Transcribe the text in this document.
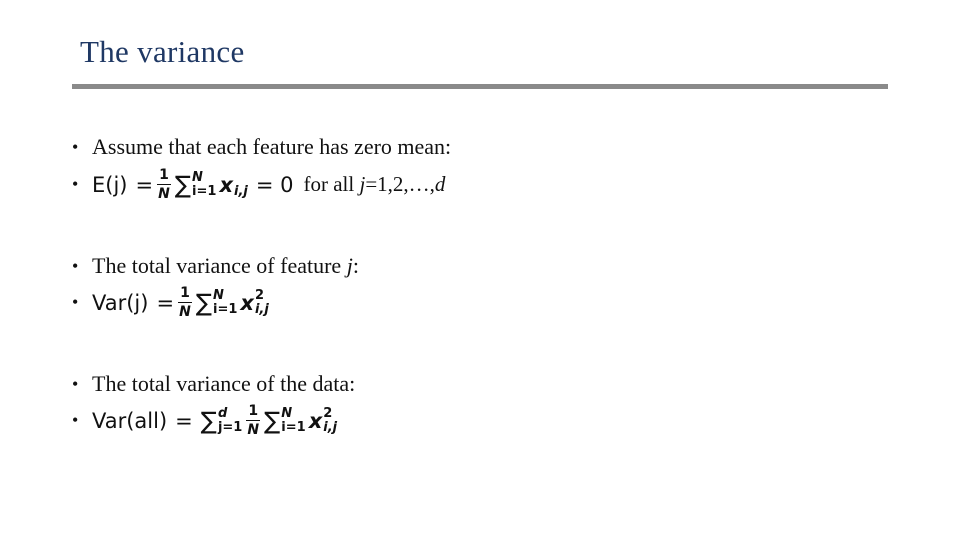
The variance
• Assume that each feature has zero mean:
• $E(j) = \frac{1}{N}$ ∑ N
i=1 x
i,j = 0 for all j=1,2,…,d
• The total variance of feature j:
• $Var(j) = \frac{1}{N}$ ∑ N
i=1 x 2
i,j
• The total variance of the data:
• Var(all) = ∑ d
$j=1 \frac{1}{N}$ ∑ N
i=1 x 2
i,j
